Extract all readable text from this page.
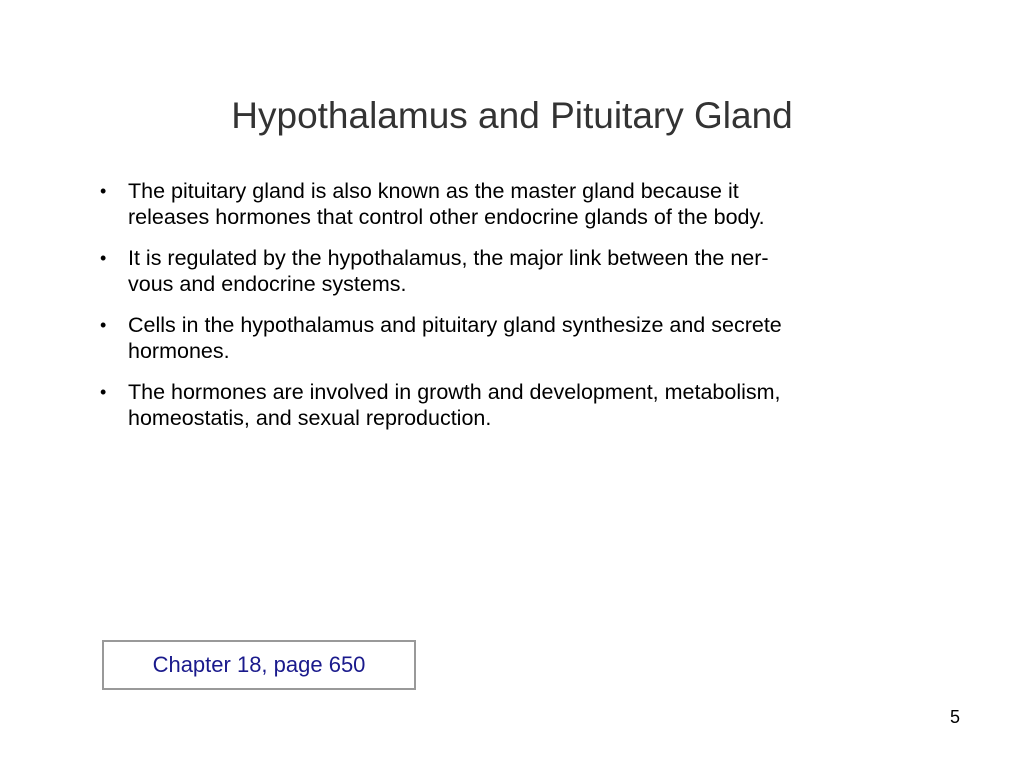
Hypothalamus and Pituitary Gland
• The pituitary gland is also known as the master gland because it
releases hormones that control other endocrine glands of the body.
• It is regulated by the hypothalamus, the major link between the ner-
vous and endocrine systems.
• Cells in the hypothalamus and pituitary gland synthesize and secrete
hormones.
• The hormones are involved in growth and development, metabolism,
homeostatis, and sexual reproduction.
Chapter 18, page 650
5
